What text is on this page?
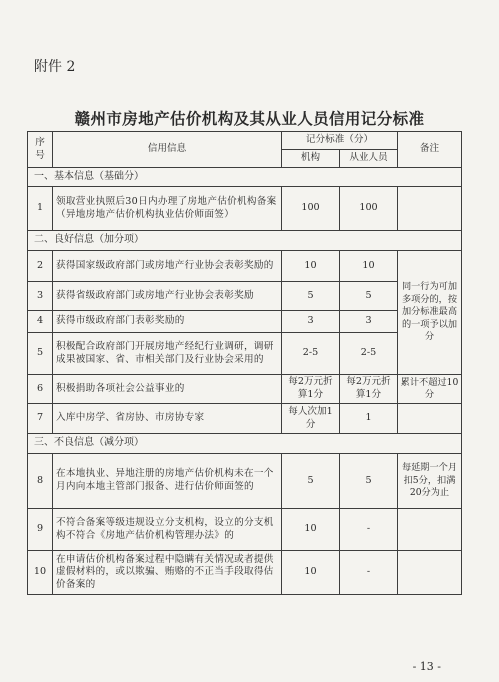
附件 2
赣州市房地产估价机构及其从业人员信用记分标准
序号	信用信息	记分标准（分）		备注
		机构	从业人员	
一、基本信息（基础分）				
1	领取营业执照后30日内办理了房地产估价机构备案（异地房地产估价机构执业估价师面签）	100	100	
二、良好信息（加分项）				
2	获得国家级政府部门或房地产行业协会表彰奖励的	10	10	同一行为可加多项分的，按加分标准最高的一项予以加分
3	获得省级政府部门或房地产行业协会表彰奖励	5	5	
4	获得市级政府部门表彰奖励的	3	3	
5	积极配合政府部门开展房地产经纪行业调研，调研成果被国家、省、市相关部门及行业协会采用的	2-5	2-5	
6	积极捐助各项社会公益事业的	每2万元折算1分	每2万元折算1分	累计不超过10分
7	入库中房学、省房协、市房协专家	每人次加1分	1	
三、不良信息（减分项）				
8	在本地执业、异地注册的房地产估价机构未在一个月内向本地主管部门报备、进行估价师面签的	5	5	每延期一个月扣5分，扣满20分为止
9	不符合备案等级违规设立分支机构，设立的分支机构不符合《房地产估价机构管理办法》的	10	-	
10	在申请估价机构备案过程中隐瞒有关情况或者提供虚假材料的，或以欺骗、贿赂的不正当手段取得估价备案的	10	-	
- 13 -
